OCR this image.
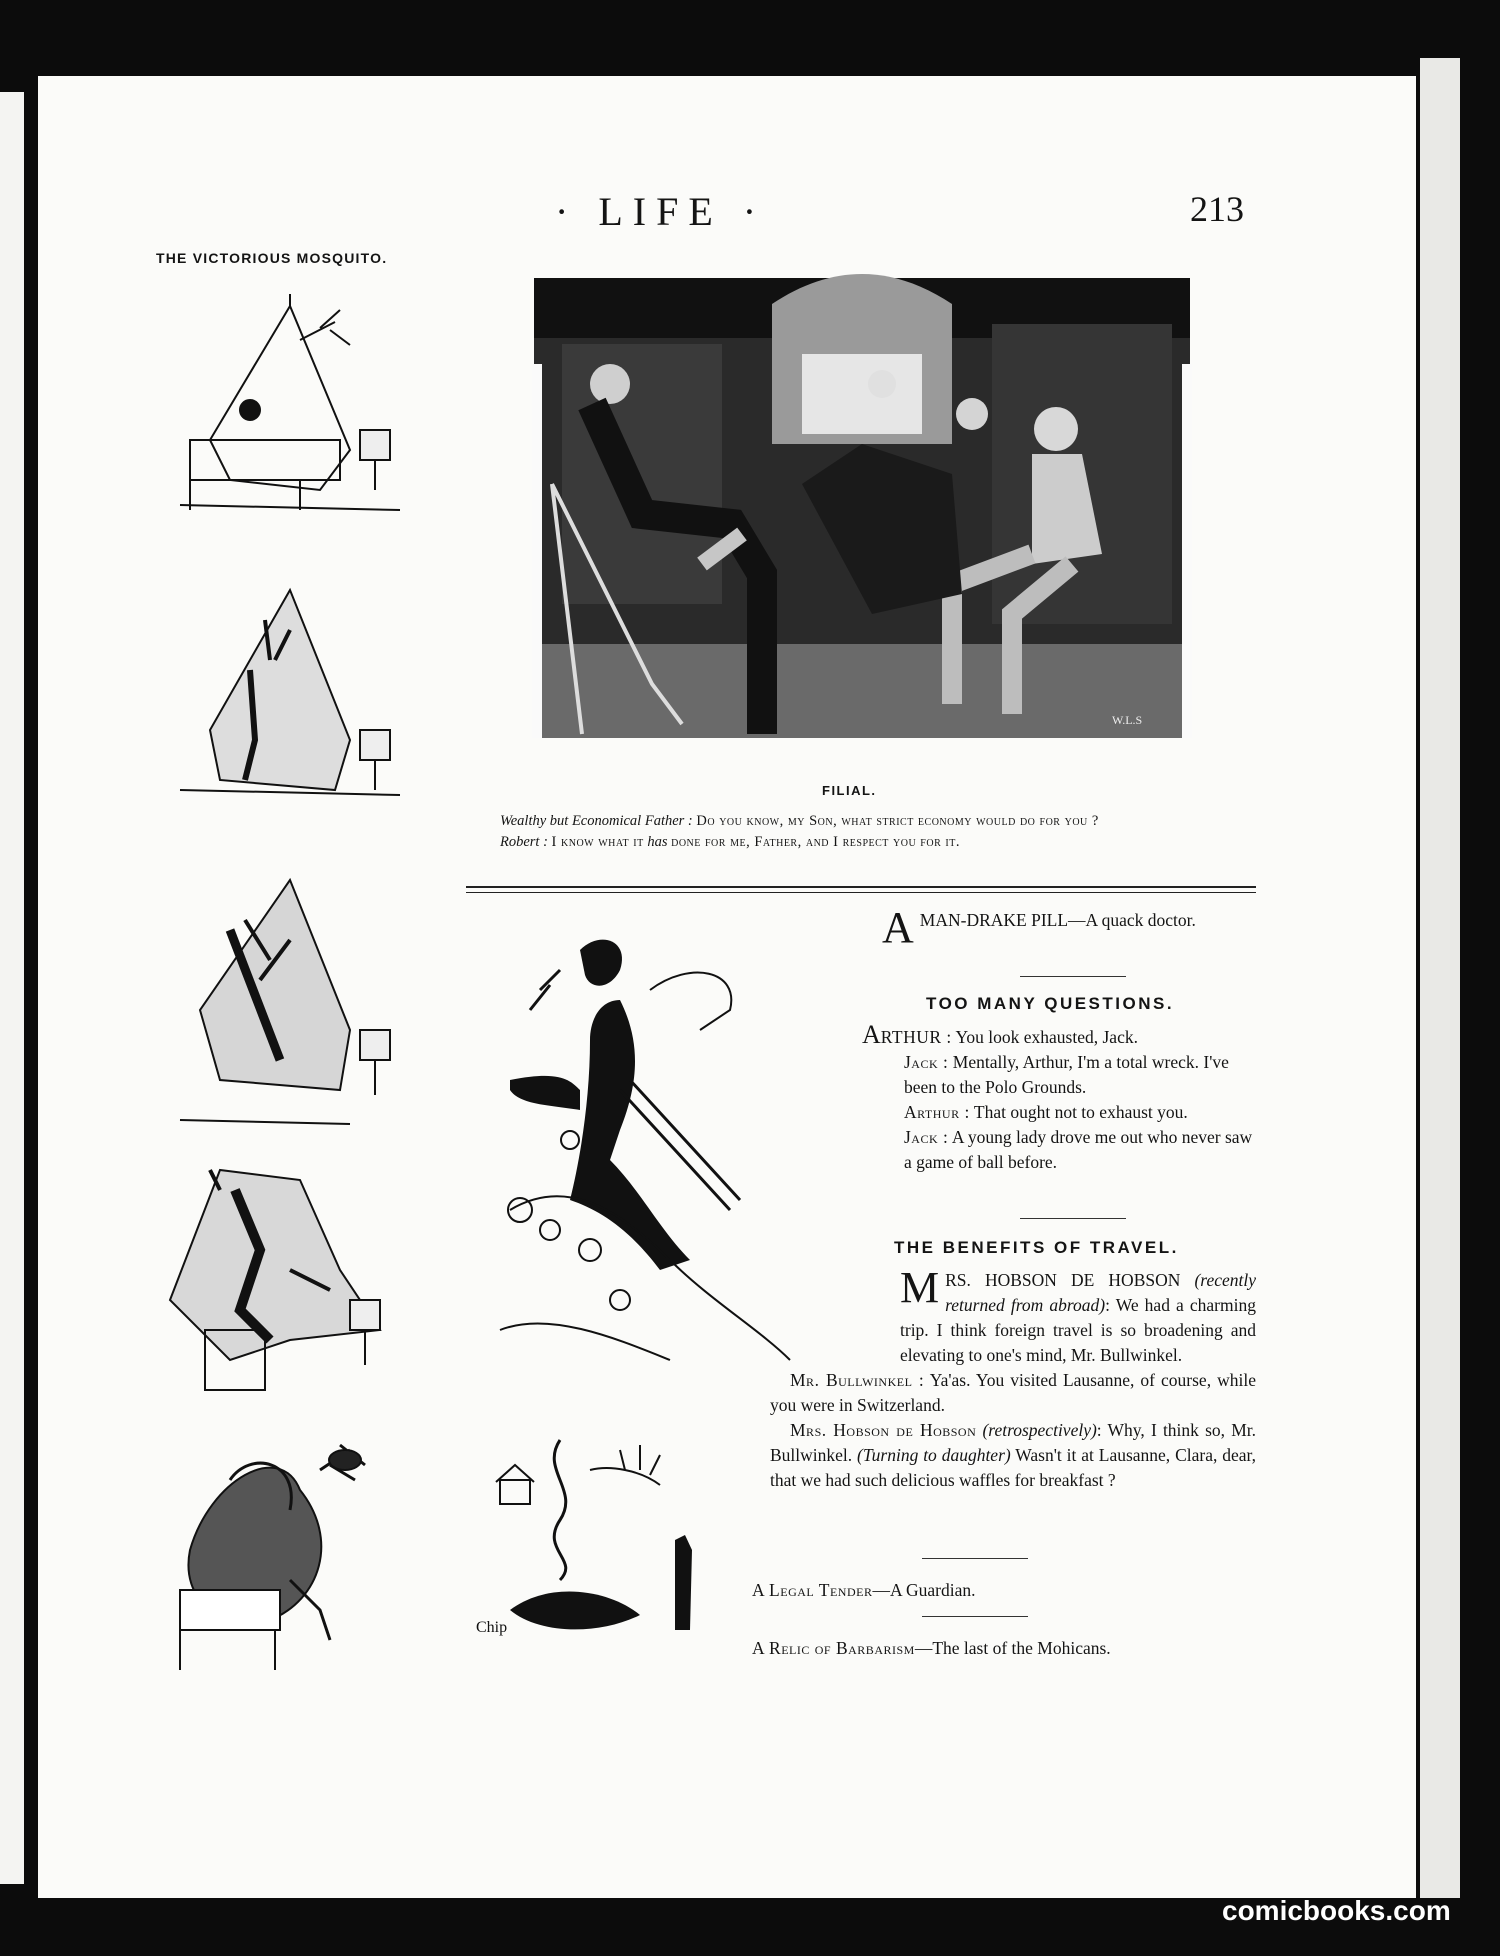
· LIFE ·	213
THE VICTORIOUS MOSQUITO.
W.L.S
FILIAL.
Wealthy but Economical Father : Do you know, my Son, what strict economy would do for you ?
Robert : I know what it has done for me, Father, and I respect you for it.
Chip
A MAN-DRAKE PILL—A quack doctor.
TOO MANY QUESTIONS.
ARTHUR : You look exhausted, Jack.
Jack : Mentally, Arthur, I'm a total wreck. I've been to the Polo Grounds.
Arthur : That ought not to exhaust you.
Jack : A young lady drove me out who never saw a game of ball before.
THE BENEFITS OF TRAVEL.
MRS. HOBSON DE HOBSON (recently returned from abroad): We had a charming trip. I think foreign travel is so broadening and elevating to one's mind, Mr. Bullwinkel.
Mr. Bullwinkel : Ya'as. You visited Lausanne, of course, while you were in Switzerland.
Mrs. Hobson de Hobson (retrospectively): Why, I think so, Mr. Bullwinkel. (Turning to daughter) Wasn't it at Lausanne, Clara, dear, that we had such delicious waffles for breakfast ?
A Legal Tender—A Guardian.
A Relic of Barbarism—The last of the Mohicans.
comicbooks.com
